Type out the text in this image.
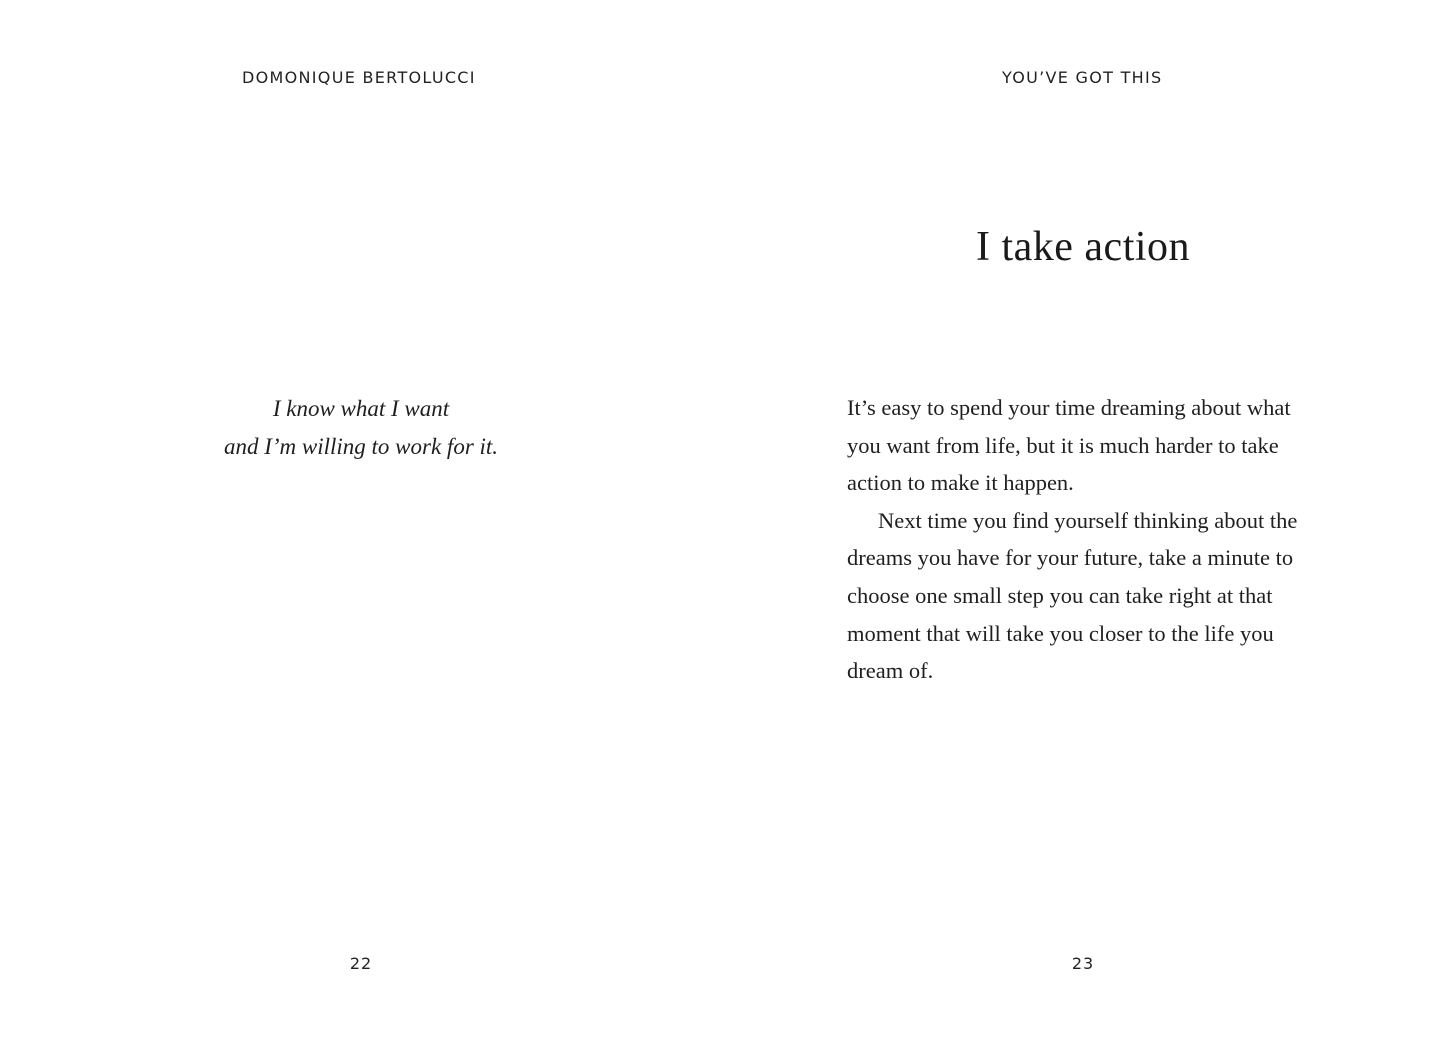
DOMONIQUE BERTOLUCCI
I know what I want
and I’m willing to work for it.
22
YOU’VE GOT THIS
I take action

It’s easy to spend your time dreaming about what you want from life, but it is much harder to take action to make it happen.

Next time you find yourself thinking about the dreams you have for your future, take a minute to choose one small step you can take right at that moment that will take you closer to the life you dream of.

23
